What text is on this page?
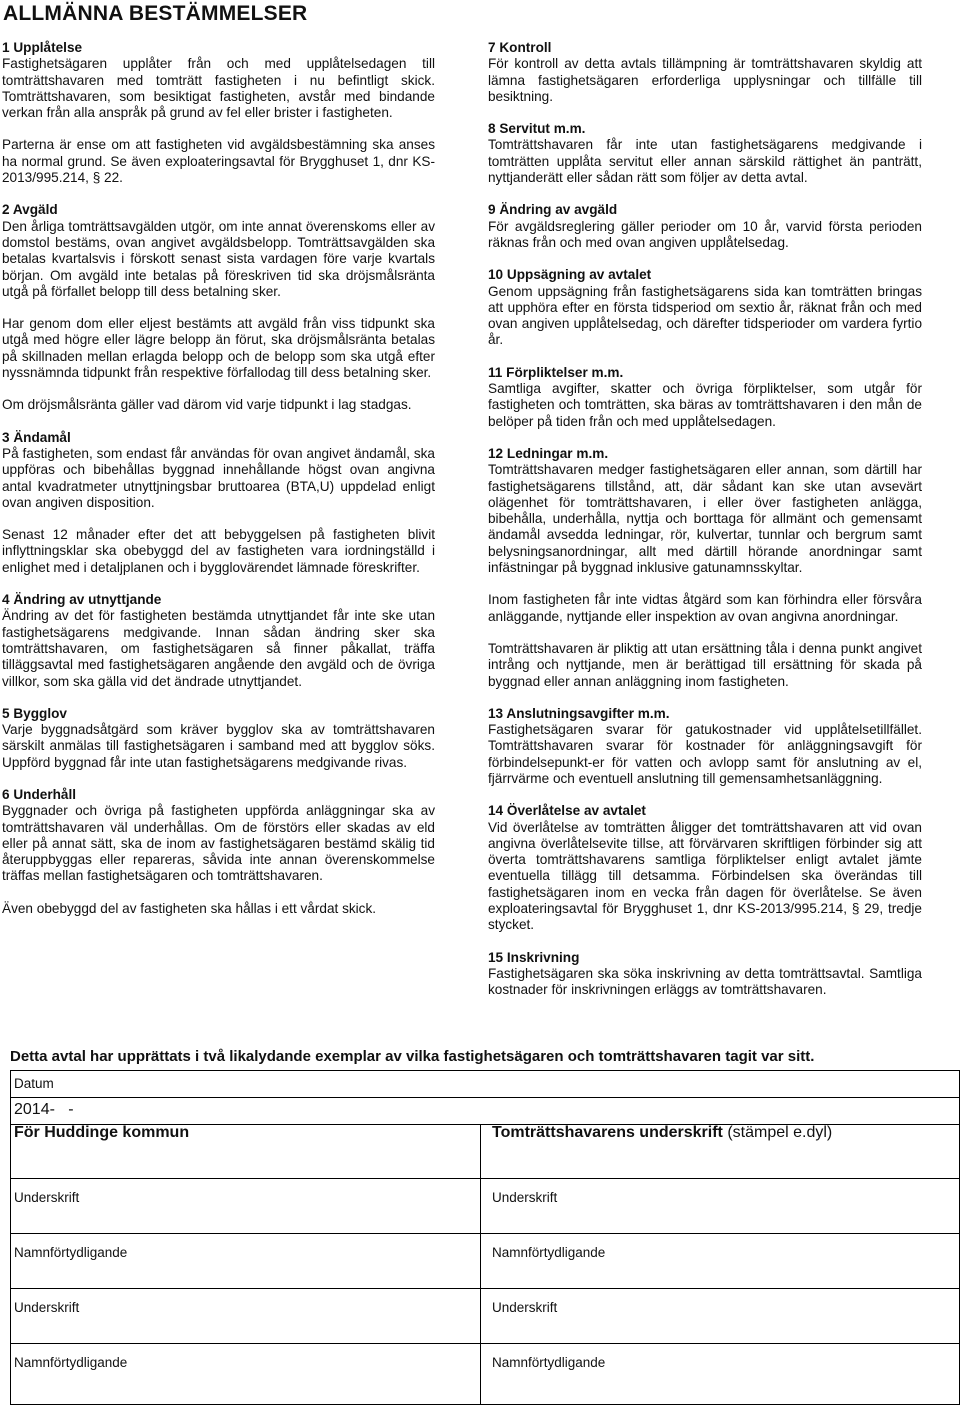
ALLMÄNNA BESTÄMMELSER

1 Upplåtelse
Fastighetsägaren upplåter från och med upplåtelsedagen till tomträttshavaren med tomträtt fastigheten i nu befintligt skick. Tomträttshavaren, som besiktigat fastigheten, avstår med bindande verkan från alla anspråk på grund av fel eller brister i fastigheten.

Parterna är ense om att fastigheten vid avgäldsbestämning ska anses ha normal grund. Se även exploateringsavtal för Brygghuset 1, dnr KS-2013/995.214, § 22.

2 Avgäld
Den årliga tomträttsavgälden utgör, om inte annat överenskoms eller av domstol bestäms, ovan angivet avgäldsbelopp. Tomträttsavgälden ska betalas kvartalsvis i förskott senast sista vardagen före varje kvartals början. Om avgäld inte betalas på föreskriven tid ska dröjsmålsränta utgå på förfallet belopp till dess betalning sker.

Har genom dom eller eljest bestämts att avgäld från viss tidpunkt ska utgå med högre eller lägre belopp än förut, ska dröjsmålsränta betalas på skillnaden mellan erlagda belopp och de belopp som ska utgå efter nyssnämnda tidpunkt från respektive förfallodag till dess betalning sker.

Om dröjsmålsränta gäller vad därom vid varje tidpunkt i lag stadgas.

3 Ändamål
På fastigheten, som endast får användas för ovan angivet ändamål, ska uppföras och bibehållas byggnad innehållande högst ovan angivna antal kvadratmeter utnyttjningsbar bruttoarea (BTA,U) uppdelad enligt ovan angiven disposition.

Senast 12 månader efter det att bebyggelsen på fastigheten blivit inflyttningsklar ska obebyggd del av fastigheten vara iordningställd i enlighet med i detaljplanen och i bygglovärendet lämnade föreskrifter.

4 Ändring av utnyttjande
Ändring av det för fastigheten bestämda utnyttjandet får inte ske utan fastighetsägarens medgivande. Innan sådan ändring sker ska tomträttshavaren, om fastighetsägaren så finner påkallat, träffa tilläggsavtal med fastighetsägaren angående den avgäld och de övriga villkor, som ska gälla vid det ändrade utnyttjandet.

5 Bygglov
Varje byggnadsåtgärd som kräver bygglov ska av tomträttshavaren särskilt anmälas till fastighetsägaren i samband med att bygglov söks. Uppförd byggnad får inte utan fastighetsägarens medgivande rivas.

6 Underhåll
Byggnader och övriga på fastigheten uppförda anläggningar ska av tomträttshavaren väl underhållas. Om de förstörs eller skadas av eld eller på annat sätt, ska de inom av fastighetsägaren bestämd skälig tid återuppbyggas eller repareras, såvida inte annan överenskommelse träffas mellan fastighetsägaren och tomträttshavaren.

Även obebyggd del av fastigheten ska hållas i ett vårdat skick.

7 Kontroll
För kontroll av detta avtals tillämpning är tomträttshavaren skyldig att lämna fastighetsägaren erforderliga upplysningar och tillfälle till besiktning.

8 Servitut m.m.
Tomträttshavaren får inte utan fastighetsägarens medgivande i tomträtten upplåta servitut eller annan särskild rättighet än panträtt, nyttjanderätt eller sådan rätt som följer av detta avtal.

9 Ändring av avgäld
För avgäldsreglering gäller perioder om 10 år, varvid första perioden räknas från och med ovan angiven upplåtelsedag.

10 Uppsägning av avtalet
Genom uppsägning från fastighetsägarens sida kan tomträtten bringas att upphöra efter en första tidsperiod om sextio år, räknat från och med ovan angiven upplåtelsedag, och därefter tidsperioder om vardera fyrtio år.

11 Förpliktelser m.m.
Samtliga avgifter, skatter och övriga förpliktelser, som utgår för fastigheten och tomträtten, ska bäras av tomträttshavaren i den mån de belöper på tiden från och med upplåtelsedagen.

12 Ledningar m.m.
Tomträttshavaren medger fastighetsägaren eller annan, som därtill har fastighetsägarens tillstånd, att, där sådant kan ske utan avsevärt olägenhet för tomträttshavaren, i eller över fastigheten anlägga, bibehålla, underhålla, nyttja och borttaga för allmänt och gemensamt ändamål avsedda ledningar, rör, kulvertar, tunnlar och bergrum samt belysningsanordningar, allt med därtill hörande anordningar samt infästningar på byggnad inklusive gatunamnsskyltar.

Inom fastigheten får inte vidtas åtgärd som kan förhindra eller försvåra anläggande, nyttjande eller inspektion av ovan angivna anordningar.

Tomträttshavaren är pliktig att utan ersättning tåla i denna punkt angivet intrång och nyttjande, men är berättigad till ersättning för skada på byggnad eller annan anläggning inom fastigheten.

13 Anslutningsavgifter m.m.
Fastighetsägaren svarar för gatukostnader vid upplåtelsetillfället. Tomträttshavaren svarar för kostnader för anläggningsavgift för förbindelsepunkt-er för vatten och avlopp samt för anslutning av el, fjärrvärme och eventuell anslutning till gemensamhetsanläggning.

14 Överlåtelse av avtalet
Vid överlåtelse av tomträtten åligger det tomträttshavaren att vid ovan angivna överlåtelsevite tillse, att förvärvaren skriftligen förbinder sig att överta tomträttshavarens samtliga förpliktelser enligt avtalet jämte eventuella tillägg till detsamma. Förbindelsen ska överändas till fastighetsägaren inom en vecka från dagen för överlåtelse. Se även exploateringsavtal för Brygghuset 1, dnr KS-2013/995.214, § 29, tredje stycket.

15 Inskrivning
Fastighetsägaren ska söka inskrivning av detta tomträttsavtal. Samtliga kostnader för inskrivningen erläggs av tomträttshavaren.

Detta avtal har upprättats i två likalydande exemplar av vilka fastighetsägaren och tomträttshavaren tagit var sitt.
Datum
2014-   -
För Huddinge kommun	Tomträttshavarens underskrift (stämpel e.dyl)
Underskrift
Namnförtydligande
Underskrift
Namnförtydligande
Underskrift
Namnförtydligande
Underskrift
Namnförtydligande
